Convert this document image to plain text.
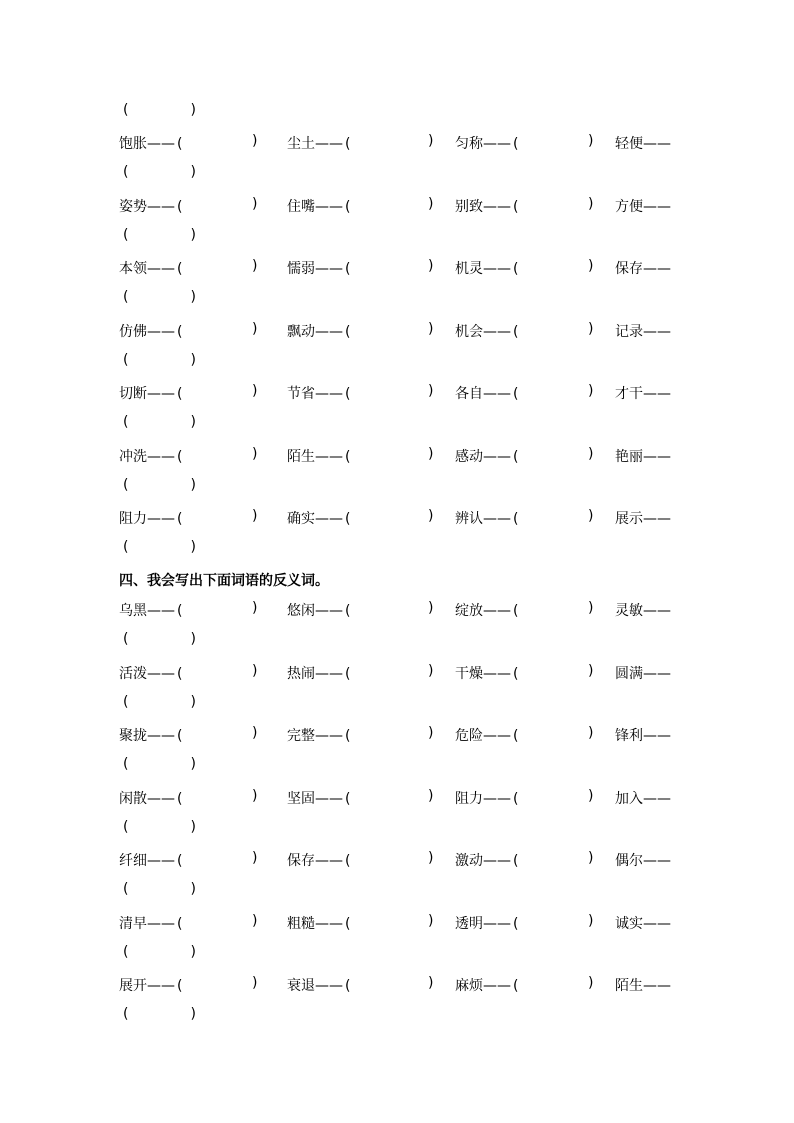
(	)
饱胀—— (	) 尘土—— (	) 匀称—— (	) 轻便——
(	)
姿势—— (	) 住嘴—— (	) 别致—— (	) 方便——
(	)
本领—— (	) 懦弱—— (	) 机灵—— (	) 保存——
(	)
仿佛—— (	) 飘动—— (	) 机会—— (	) 记录——
(	)
切断—— (	) 节省—— (	) 各自—— (	) 才干——
(	)
冲洗—— (	) 陌生—— (	) 感动—— (	) 艳丽——
(	)
阻力—— (	) 确实—— (	) 辨认—— (	) 展示——
(	)
四、我会写出下面词语的反义词。
乌黑—— (	) 悠闲—— (	) 绽放—— (	) 灵敏——
(	)
活泼—— (	) 热闹—— (	) 干燥—— (	) 圆满——
(	)
聚拢—— (	) 完整—— (	) 危险—— (	) 锋利——
(	)
闲散—— (	) 坚固—— (	) 阻力—— (	) 加入——
(	)
纤细—— (	) 保存—— (	) 激动—— (	) 偶尔——
(	)
清早—— (	) 粗糙—— (	) 透明—— (	) 诚实——
(	)
展开—— (	) 衰退—— (	) 麻烦—— (	) 陌生——
(	)
